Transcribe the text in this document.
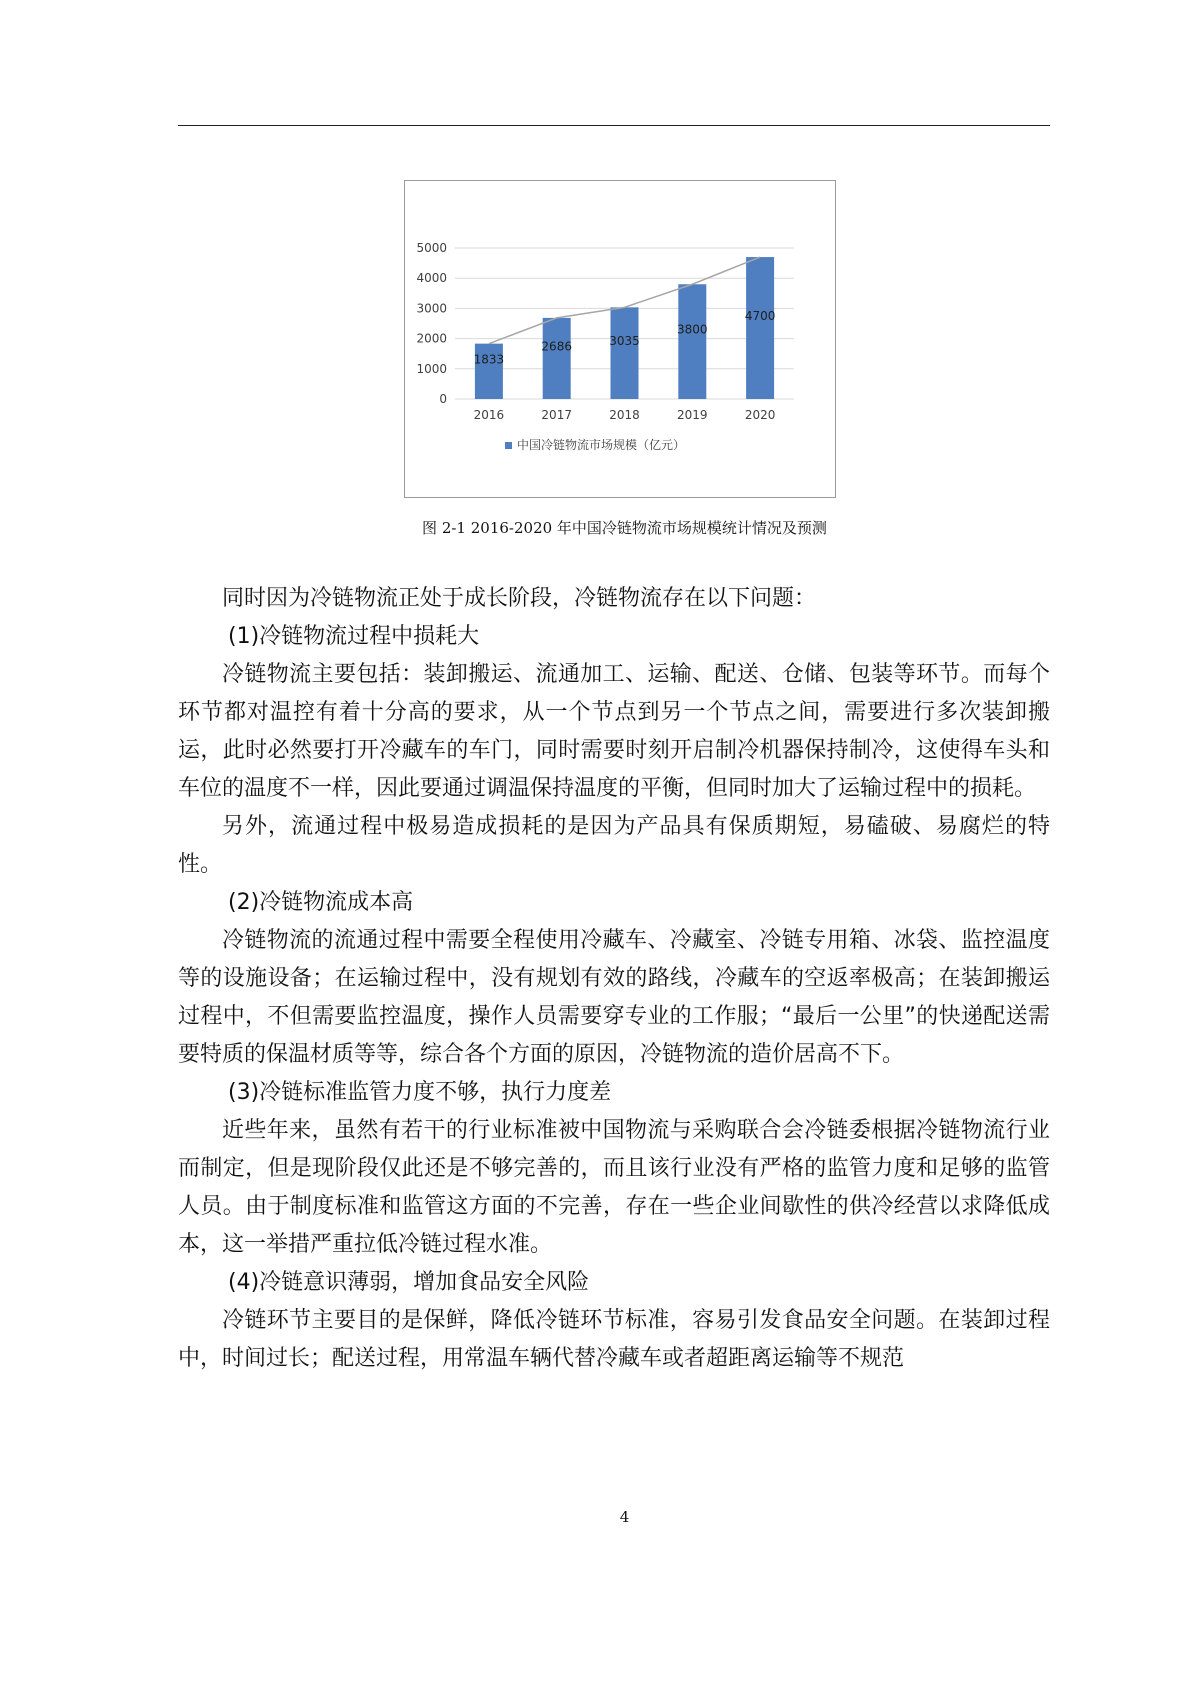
0
1000
2000
3000
4000
5000
1833
2016
2686
2017
3035
2018
3800
2019
4700
2020
中国冷链物流市场规模（亿元）
图 2-1 2016-2020 年中国冷链物流市场规模统计情况及预测

同时因为冷链物流正处于成长阶段，冷链物流存在以下问题：

(1)冷链物流过程中损耗大

冷链物流主要包括：装卸搬运、流通加工、运输、配送、仓储、包装等环节。而每个环节都对温控有着十分高的要求，从一个节点到另一个节点之间，需要进行多次装卸搬运，此时必然要打开冷藏车的车门，同时需要时刻开启制冷机器保持制冷，这使得车头和车位的温度不一样，因此要通过调温保持温度的平衡，但同时加大了运输过程中的损耗。

另外，流通过程中极易造成损耗的是因为产品具有保质期短，易磕破、易腐烂的特性。

(2)冷链物流成本高

冷链物流的流通过程中需要全程使用冷藏车、冷藏室、冷链专用箱、冰袋、监控温度等的设施设备；在运输过程中，没有规划有效的路线，冷藏车的空返率极高；在装卸搬运过程中，不但需要监控温度，操作人员需要穿专业的工作服；“最后一公里”的快递配送需要特质的保温材质等等，综合各个方面的原因，冷链物流的造价居高不下。

(3)冷链标准监管力度不够，执行力度差

近些年来，虽然有若干的行业标准被中国物流与采购联合会冷链委根据冷链物流行业而制定，但是现阶段仅此还是不够完善的，而且该行业没有严格的监管力度和足够的监管人员。由于制度标准和监管这方面的不完善，存在一些企业间歇性的供冷经营以求降低成本，这一举措严重拉低冷链过程水准。

(4)冷链意识薄弱，增加食品安全风险

冷链环节主要目的是保鲜，降低冷链环节标准，容易引发食品安全问题。在装卸过程中，时间过长；配送过程，用常温车辆代替冷藏车或者超距离运输等不规范

4
